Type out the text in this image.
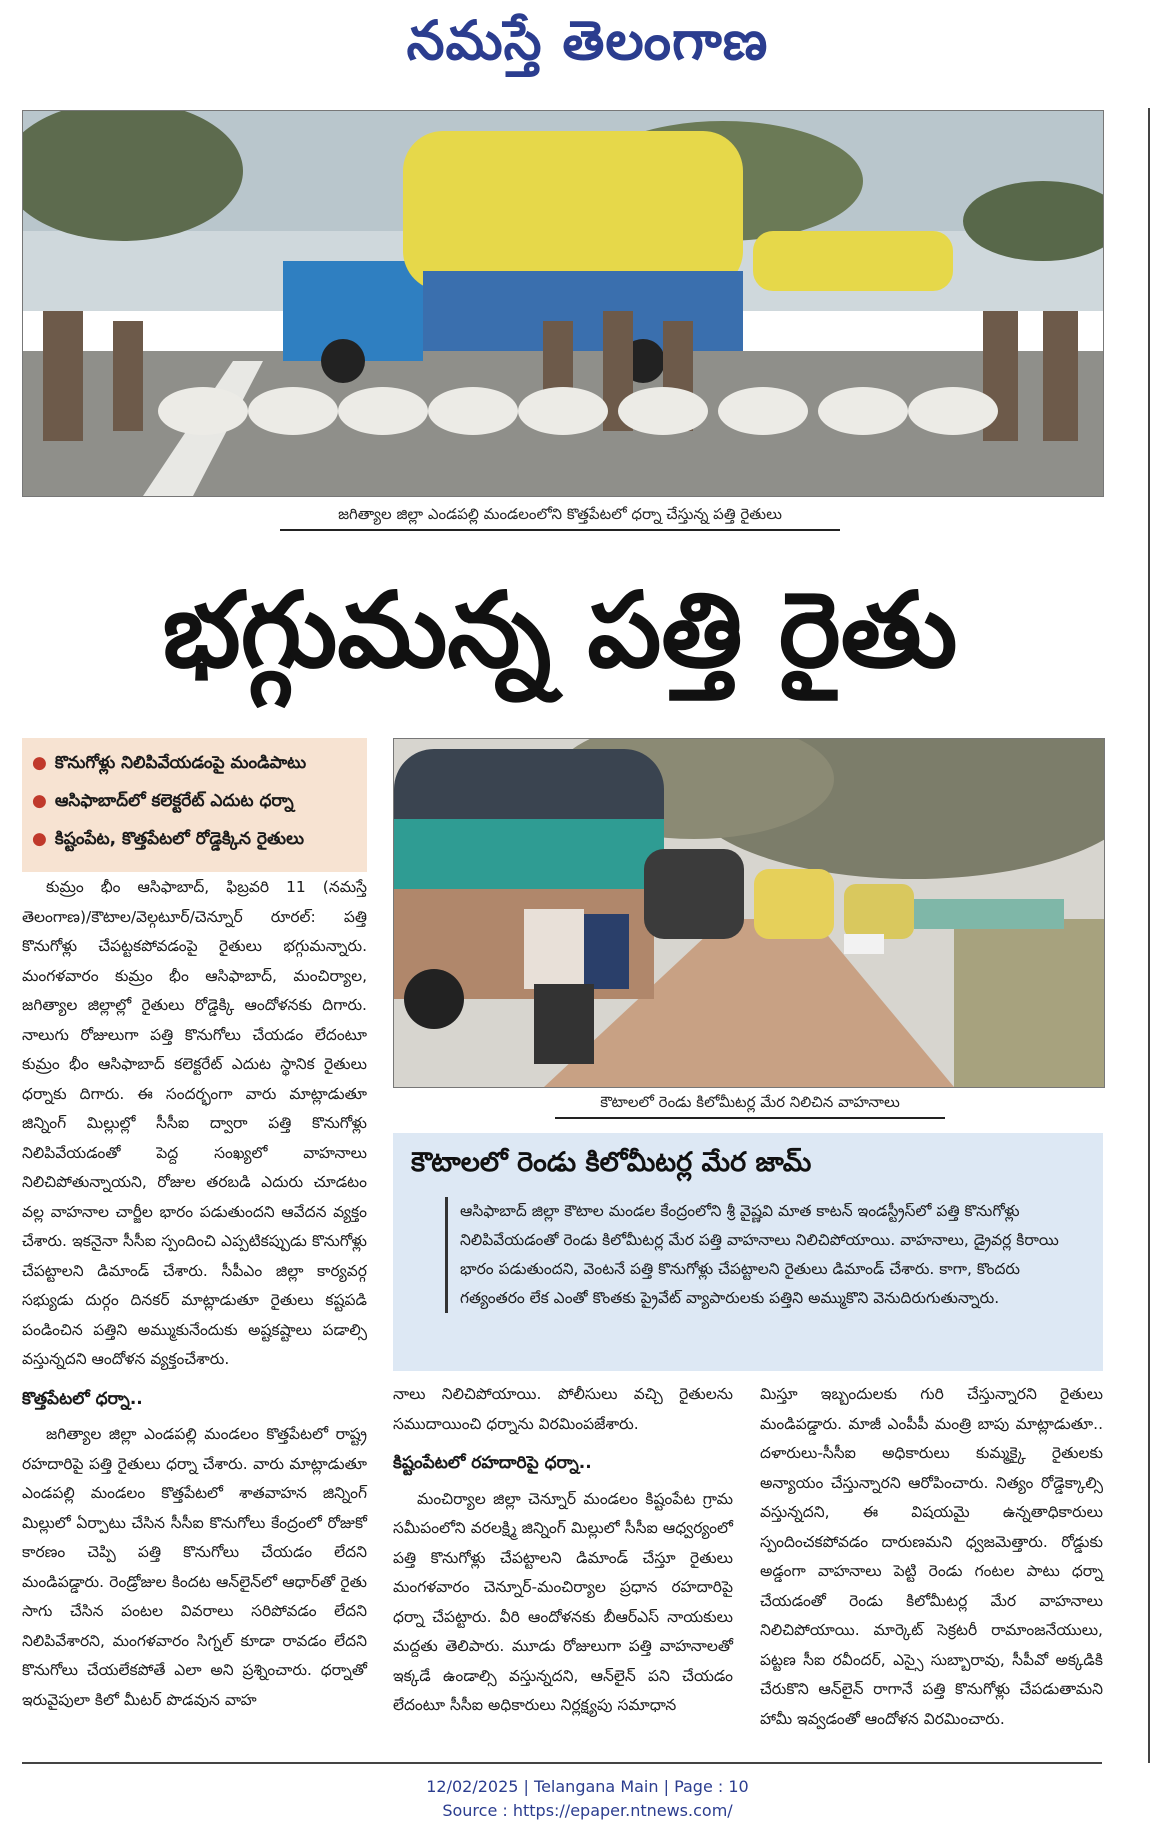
నమస్తే తెలంగాణ
జగిత్యాల జిల్లా ఎండపల్లి మండలంలోని కొత్తపేటలో ధర్నా చేస్తున్న పత్తి రైతులు
భగ్గుమన్న పత్తి రైతు
● కొనుగోళ్లు నిలిపివేయడంపై మండిపాటు
● ఆసిఫాబాద్‌లో కలెక్టరేట్ ఎదుట ధర్నా
● కిష్టంపేట, కొత్తపేటలో రోడ్డెక్కిన రైతులు
కౌటాలలో రెండు కిలోమీటర్ల మేర నిలిచిన వాహనాలు
కుమ్రం భీం ఆసిఫాబాద్, ఫిబ్రవరి 11 (నమస్తే తెలంగాణ)/కౌటాల/వెల్గటూర్/చెన్నూర్ రూరల్: పత్తి కొనుగోళ్లు చేపట్టకపోవడంపై రైతులు భగ్గుమన్నారు. మంగళవారం కుమ్రం భీం ఆసిఫాబాద్, మంచిర్యాల, జగిత్యాల జిల్లాల్లో రైతులు రోడ్డెక్కి ఆందోళనకు దిగారు. నాలుగు రోజులుగా పత్తి కొనుగోలు చేయడం లేదంటూ కుమ్రం భీం ఆసిఫాబాద్ కలెక్టరేట్ ఎదుట స్థానిక రైతులు ధర్నాకు దిగారు. ఈ సందర్భంగా వారు మాట్లాడుతూ జిన్నింగ్ మిల్లుల్లో సీసీఐ ద్వారా పత్తి కొనుగోళ్లు నిలిపివేయడంతో పెద్ద సంఖ్యలో వాహనాలు నిలిచిపోతున్నాయని, రోజుల తరబడి ఎదురు చూడటం వల్ల వాహనాల చార్జీల భారం పడుతుందని ఆవేదన వ్యక్తం చేశారు. ఇకనైనా సీసీఐ స్పందించి ఎప్పటికప్పుడు కొనుగోళ్లు చేపట్టాలని డిమాండ్ చేశారు. సీపీఎం జిల్లా కార్యవర్గ సభ్యుడు దుర్గం దినకర్ మాట్లాడుతూ రైతులు కష్టపడి పండించిన పత్తిని అమ్ముకునేందుకు అష్టకష్టాలు పడాల్సి వస్తున్నదని ఆందోళన వ్యక్తంచేశారు.
కొత్తపేటలో ధర్నా..
జగిత్యాల జిల్లా ఎండపల్లి మండలం కొత్తపేటలో రాష్ట్ర రహదారిపై పత్తి రైతులు ధర్నా చేశారు. వారు మాట్లాడుతూ ఎండపల్లి మండలం కొత్తపేటలో శాతవాహన జిన్నింగ్ మిల్లులో ఏర్పాటు చేసిన సీసీఐ కొనుగోలు కేంద్రంలో రోజుకో కారణం చెప్పి పత్తి కొనుగోలు చేయడం లేదని మండిపడ్డారు. రెండ్రోజుల కిందట ఆన్‌లైన్‌లో ఆధార్‌తో రైతు సాగు చేసిన పంటల వివరాలు సరిపోవడం లేదని నిలిపివేశారని, మంగళవారం సిగ్నల్ కూడా రావడం లేదని కొనుగోలు చేయలేకపోతే ఎలా అని ప్రశ్నించారు. ధర్నాతో ఇరువైపులా కిలో మీటర్ పొడవున వాహ
కౌటాలలో రెండు కిలోమీటర్ల మేర జామ్
ఆసిఫాబాద్ జిల్లా కౌటాల మండల కేంద్రంలోని శ్రీ వైష్ణవి మాత కాటన్ ఇండస్ట్రీస్‌లో పత్తి కొనుగోళ్లు నిలిపివేయడంతో రెండు కిలోమీటర్ల మేర పత్తి వాహనాలు నిలిచిపోయాయి. వాహనాలు, డ్రైవర్ల కిరాయి భారం పడుతుందని, వెంటనే పత్తి కొనుగోళ్లు చేపట్టాలని రైతులు డిమాండ్ చేశారు. కాగా, కొందరు గత్యంతరం లేక ఎంతో కొంతకు ప్రైవేట్ వ్యాపారులకు పత్తిని అమ్ముకొని వెనుదిరుగుతున్నారు.
నాలు నిలిచిపోయాయి. పోలీసులు వచ్చి రైతులను సముదాయించి ధర్నాను విరమింపజేశారు.
కిష్టంపేటలో రహదారిపై ధర్నా..
మంచిర్యాల జిల్లా చెన్నూర్ మండలం కిష్టంపేట గ్రామ సమీపంలోని వరలక్ష్మి జిన్నింగ్ మిల్లులో సీసీఐ ఆధ్వర్యంలో పత్తి కొనుగోళ్లు చేపట్టాలని డిమాండ్ చేస్తూ రైతులు మంగళవారం చెన్నూర్-మంచిర్యాల ప్రధాన రహదారిపై ధర్నా చేపట్టారు. వీరి ఆందోళనకు బీఆర్‌ఎస్ నాయకులు మద్దతు తెలిపారు. మూడు రోజులుగా పత్తి వాహనాలతో ఇక్కడే ఉండాల్సి వస్తున్నదని, ఆన్‌లైన్ పని చేయడం లేదంటూ సీసీఐ అధికారులు నిర్లక్ష్యపు సమాధాన
మిస్తూ ఇబ్బందులకు గురి చేస్తున్నారని రైతులు మండిపడ్డారు. మాజీ ఎంపీపీ మంత్రి బాపు మాట్లాడుతూ.. దళారులు-సీసీఐ అధికారులు కుమ్మక్కై రైతులకు అన్యాయం చేస్తున్నారని ఆరోపించారు. నిత్యం రోడ్డెక్కాల్సి వస్తున్నదని, ఈ విషయమై ఉన్నతాధికారులు స్పందించకపోవడం దారుణమని ధ్వజమెత్తారు. రోడ్డుకు అడ్డంగా వాహనాలు పెట్టి రెండు గంటల పాటు ధర్నా చేయడంతో రెండు కిలోమీటర్ల మేర వాహనాలు నిలిచిపోయాయి. మార్కెట్ సెక్రటరీ రామాంజనేయులు, పట్టణ సీఐ రవీందర్, ఎస్సై సుబ్బారావు, సీపీవో అక్కడికి చేరుకొని ఆన్‌లైన్ రాగానే పత్తి కొనుగోళ్లు చేపడుతామని హామీ ఇవ్వడంతో ఆందోళన విరమించారు.
12/02/2025 | Telangana Main | Page : 10
Source : https://epaper.ntnews.com/
